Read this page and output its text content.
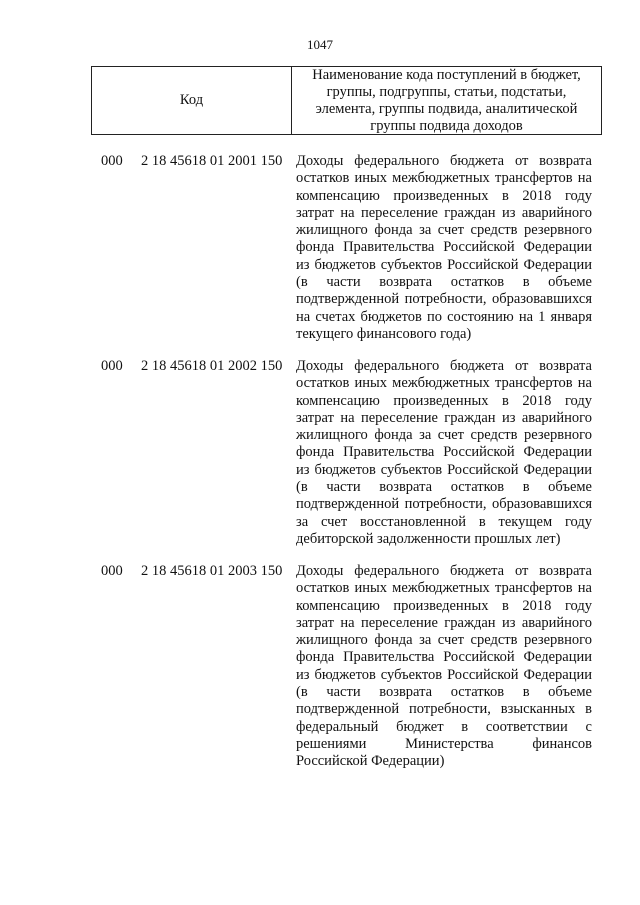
1047
Код
Наименование кода поступлений в бюджет, группы, подгруппы, статьи, подстатьи, элемента, группы подвида, аналитической группы подвида доходов
000 2 18 45618 01 2001 150 Доходы федерального бюджета от возврата остатков иных межбюджетных трансфертов на компенсацию произведенных в 2018 году затрат на переселение граждан из аварийного жилищного фонда за счет средств резервного фонда Правительства Российской Федерации из бюджетов субъектов Российской Федерации (в части возврата остатков в объеме подтвержденной потребности, образовавшихся на счетах бюджетов по состоянию на 1 января текущего финансового года)
000 2 18 45618 01 2002 150 Доходы федерального бюджета от возврата остатков иных межбюджетных трансфертов на компенсацию произведенных в 2018 году затрат на переселение граждан из аварийного жилищного фонда за счет средств резервного фонда Правительства Российской Федерации из бюджетов субъектов Российской Федерации (в части возврата остатков в объеме подтвержденной потребности, образовавшихся за счет восстановленной в текущем году дебиторской задолженности прошлых лет)
000 2 18 45618 01 2003 150 Доходы федерального бюджета от возврата остатков иных межбюджетных трансфертов на компенсацию произведенных в 2018 году затрат на переселение граждан из аварийного жилищного фонда за счет средств резервного фонда Правительства Российской Федерации из бюджетов субъектов Российской Федерации (в части возврата остатков в объеме подтвержденной потребности, взысканных в федеральный бюджет в соответствии с решениями Министерства финансов Российской Федерации)
